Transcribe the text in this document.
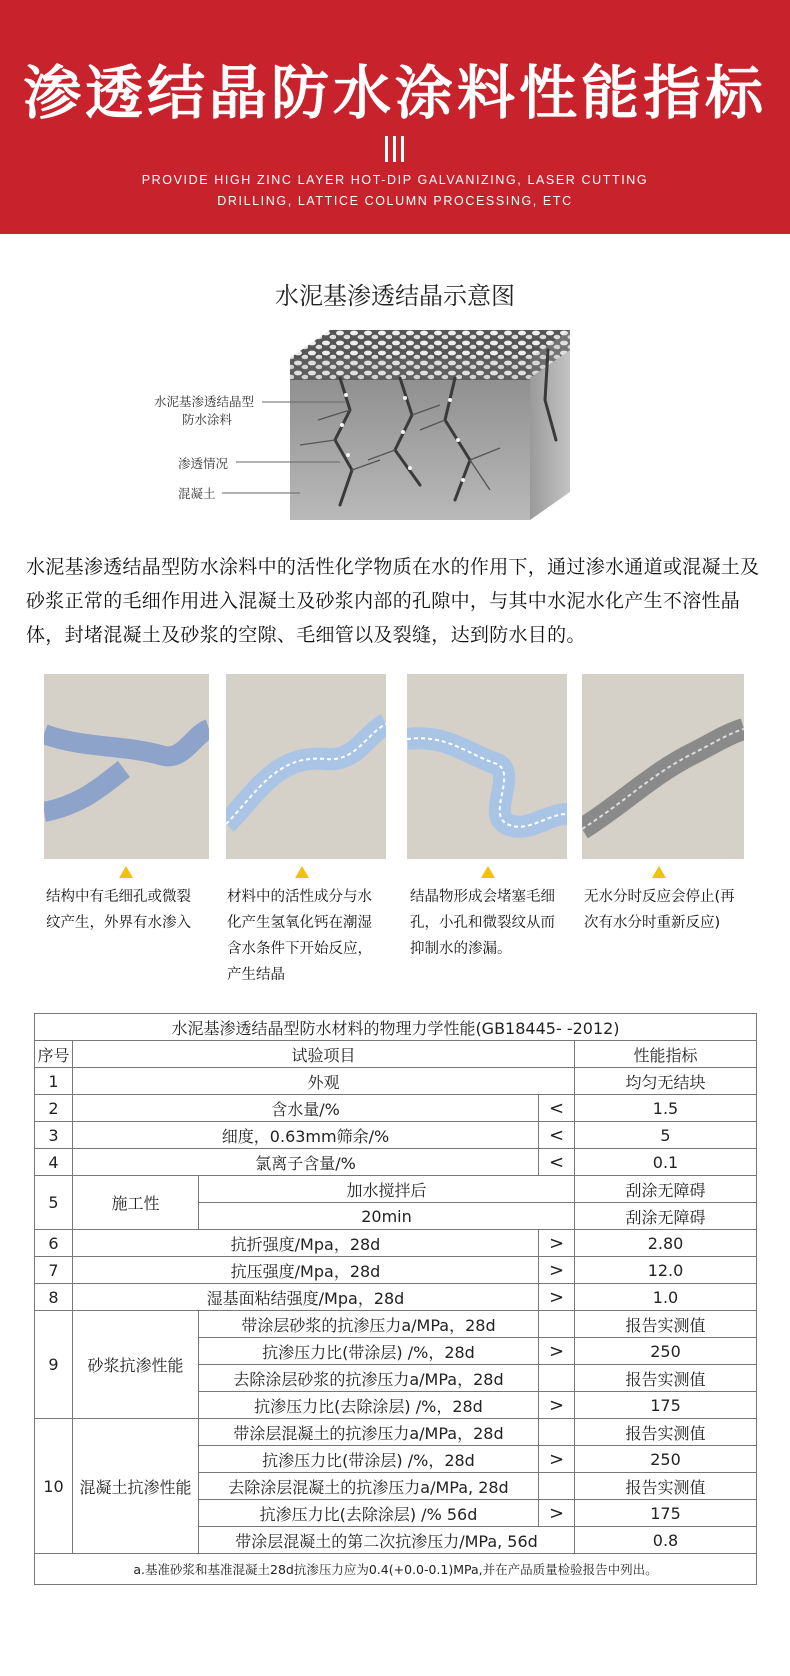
渗透结晶防水涂料性能指标
PROVIDE HIGH ZINC LAYER HOT-DIP GALVANIZING, LASER CUTTING
DRILLING, LATTICE COLUMN PROCESSING, ETC
水泥基渗透结晶示意图
水泥基渗透结晶型
防水涂料
渗透情况
混凝土
水泥基渗透结晶型防水涂料中的活性化学物质在水的作用下，通过渗水通道或混凝土及砂浆正常的毛细作用进入混凝土及砂浆内部的孔隙中，与其中水泥水化产生不溶性晶体，封堵混凝土及砂浆的空隙、毛细管以及裂缝，达到防水目的。
结构中有毛细孔或微裂
纹产生，外界有水渗入
材料中的活性成分与水
化产生氢氧化钙在潮湿
含水条件下开始反应，
产生结晶
结晶物形成会堵塞毛细
孔，小孔和微裂纹从而
抑制水的渗漏。
无水分时反应会停止(再
次有水分时重新反应)
水泥基渗透结晶型防水材料的物理力学性能(GB18445- -2012)				
序号	试验项目			性能指标
1	外观			均匀无结块
2	含水量/%		<	1.5
3	细度，0.63mm筛余/%		<	5
4	氯离子含量/%		<	0.1
5	施工性	加水搅拌后		刮涂无障碍
		20min		刮涂无障碍
6	抗折强度/Mpa，28d		>	2.80
7	抗压强度/Mpa，28d		>	12.0
8	湿基面粘结强度/Mpa，28d		>	1.0
9	砂浆抗渗性能	带涂层砂浆的抗渗压力a/MPa，28d		报告实测值
		抗渗压力比(带涂层) /%，28d	>	250
		去除涂层砂浆的抗渗压力a/MPa，28d		报告实测值
		抗渗压力比(去除涂层) /%，28d	>	175
10	混凝土抗渗性能	带涂层混凝土的抗渗压力a/MPa，28d		报告实测值
		抗渗压力比(带涂层) /%，28d	>	250
		去除涂层混凝土的抗渗压力a/MPa, 28d		报告实测值
		抗渗压力比(去除涂层) /% 56d	>	175
		带涂层混凝土的第二次抗渗压力/MPa, 56d		0.8
a.基准砂浆和基准混凝土28d抗渗压力应为0.4(+0.0-0.1)MPa,并在产品质量检验报告中列出。				
